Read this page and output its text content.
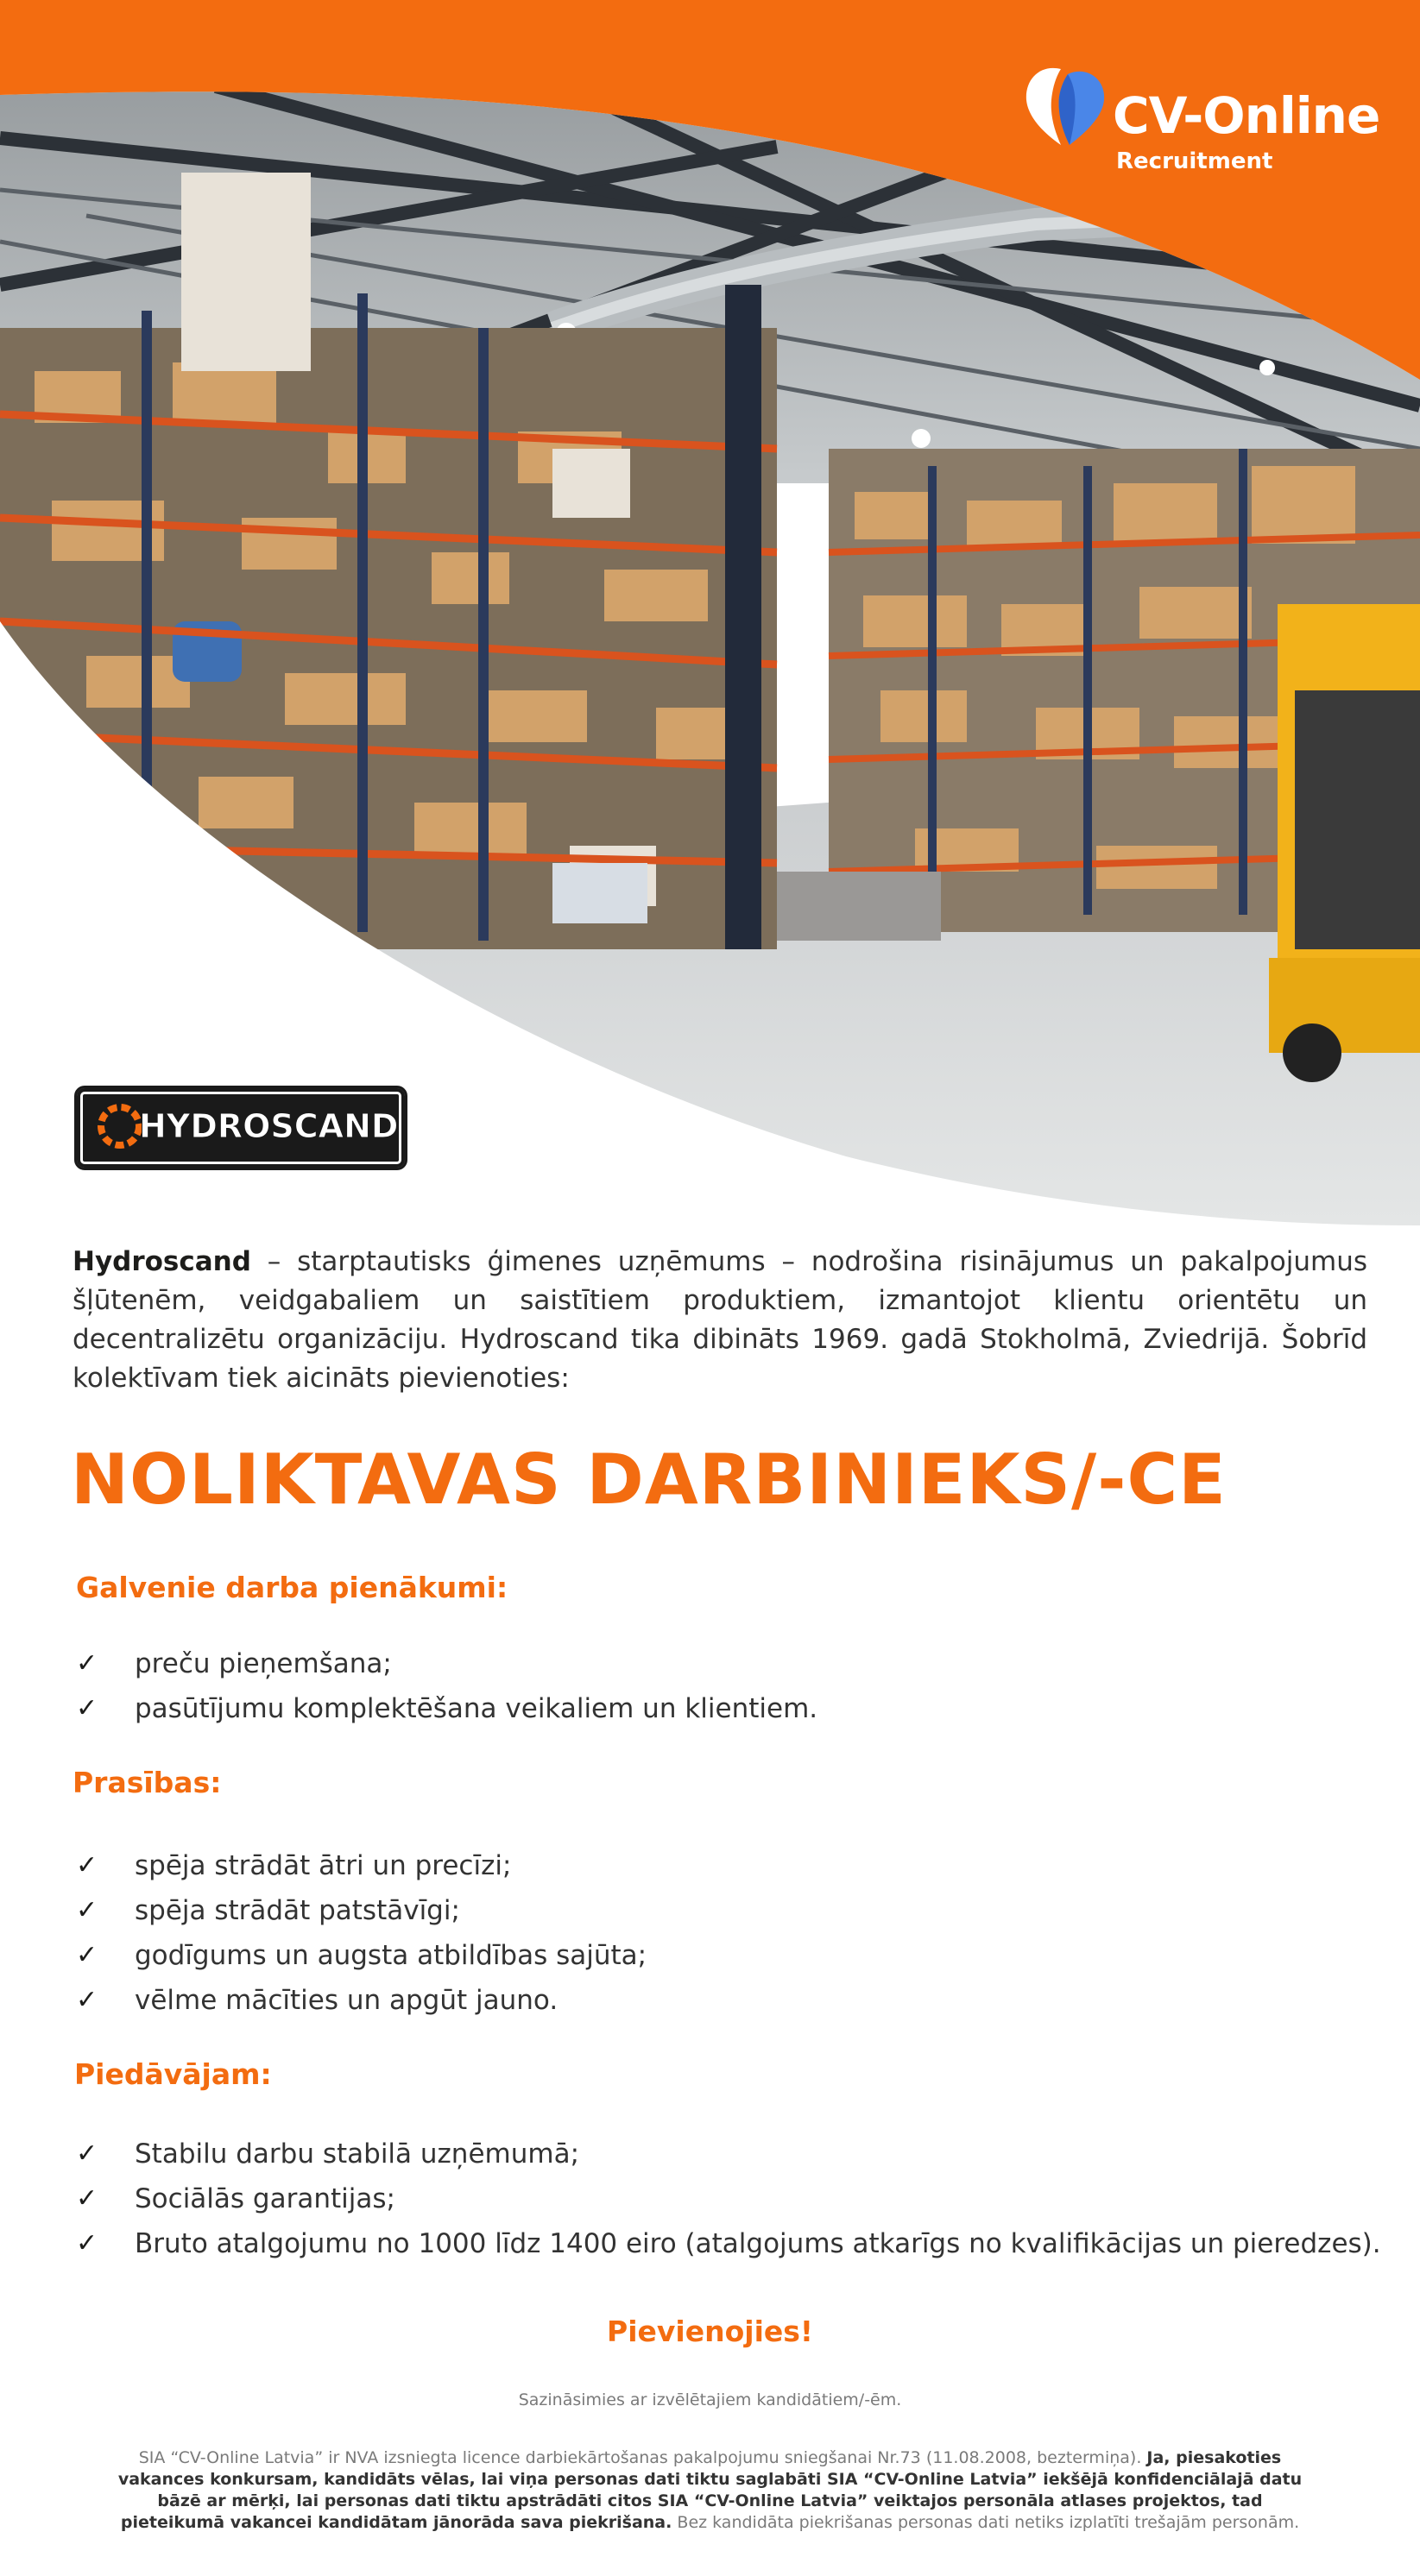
CV-Online
Recruitment
HYDROSCAND
Hydroscand – starptautisks ģimenes uzņēmums – nodrošina risinājumus un pakalpojumus šļūtenēm, veidgabaliem un saistītiem produktiem, izmantojot klientu orientētu un decentralizētu organizāciju. Hydroscand tika dibināts 1969. gadā Stokholmā, Zviedrijā. Šobrīd kolektīvam tiek aicināts pievienoties:
NOLIKTAVAS DARBINIEKS/-CE
Galvenie darba pienākumi:
✓ preču pieņemšana;
✓ pasūtījumu komplektēšana veikaliem un klientiem.
Prasības:
✓ spēja strādāt ātri un precīzi;
✓ spēja strādāt patstāvīgi;
✓ godīgums un augsta atbildības sajūta;
✓ vēlme mācīties un apgūt jauno.
Piedāvājam:
✓ Stabilu darbu stabilā uzņēmumā;
✓ Sociālās garantijas;
✓ Bruto atalgojumu no 1000 līdz 1400 eiro (atalgojums atkarīgs no kvalifikācijas un pieredzes).
Pievienojies!
Sazināsimies ar izvēlētajiem kandidātiem/-ēm.
SIA “CV-Online Latvia” ir NVA izsniegta licence darbiekārtošanas pakalpojumu sniegšanai Nr.73 (11.08.2008, beztermiņa). Ja, piesakoties vakances konkursam, kandidāts vēlas, lai viņa personas dati tiktu saglabāti SIA “CV-Online Latvia” iekšējā konfidenciālajā datu bāzē ar mērķi, lai personas dati tiktu apstrādāti citos SIA “CV-Online Latvia” veiktajos personāla atlases projektos, tad pieteikumā vakancei kandidātam jānorāda sava piekrišana. Bez kandidāta piekrišanas personas dati netiks izplatīti trešajām personām.
